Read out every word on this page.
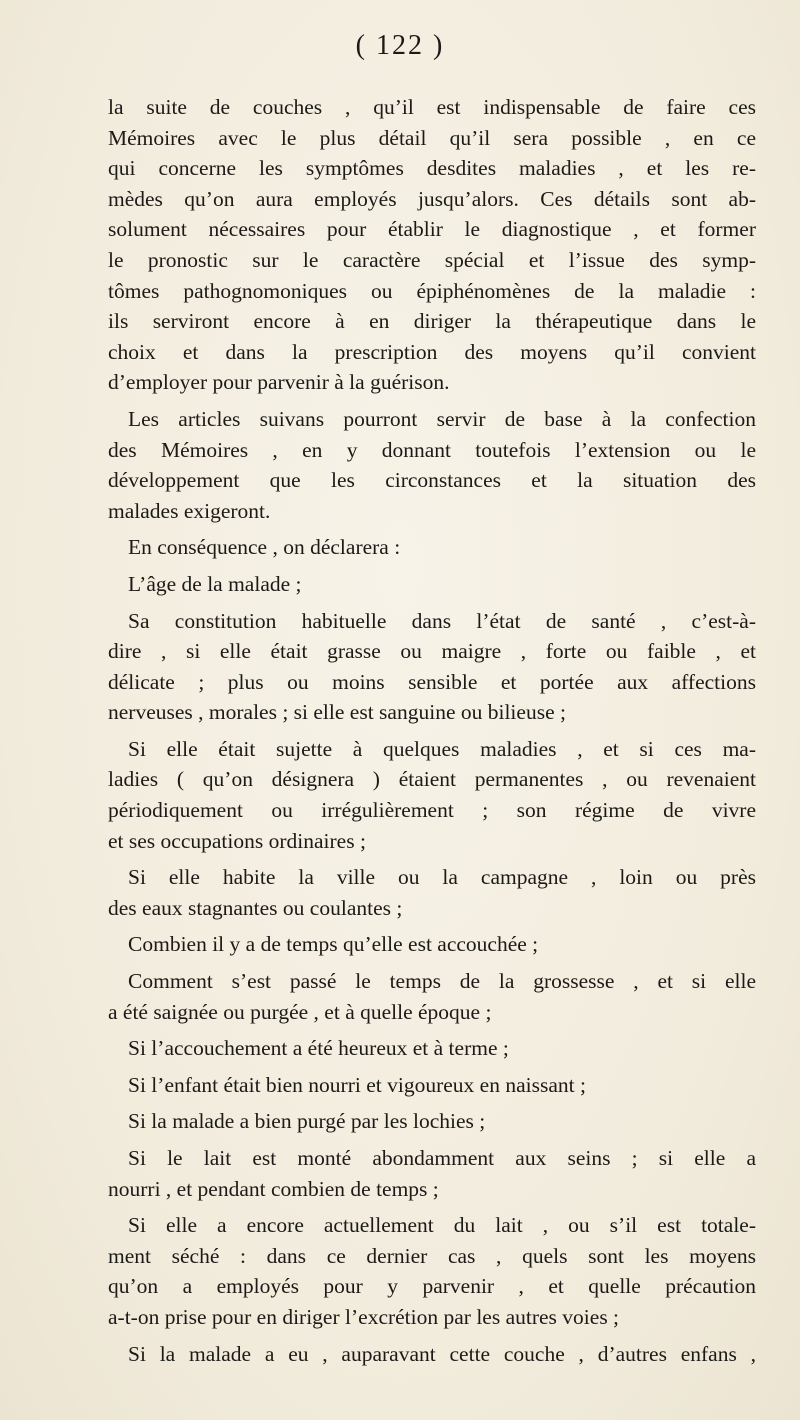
( 122 )
la suite de couches , qu’il est indispensable de faire ces
Mémoires avec le plus détail qu’il sera possible , en ce
qui concerne les symptômes desdites maladies , et les re-
mèdes qu’on aura employés jusqu’alors. Ces détails sont ab-
solument nécessaires pour établir le diagnostique , et former
le pronostic sur le caractère spécial et l’issue des symp-
tômes pathognomoniques ou épiphénomènes de la maladie :
ils serviront encore à en diriger la thérapeutique dans le
choix et dans la prescription des moyens qu’il convient
d’employer pour parvenir à la guérison.
Les articles suivans pourront servir de base à la confection
des Mémoires , en y donnant toutefois l’extension ou le
développement que les circonstances et la situation des
malades exigeront.
En conséquence , on déclarera :
L’âge de la malade ;
Sa constitution habituelle dans l’état de santé , c’est-à-
dire , si elle était grasse ou maigre , forte ou faible , et
délicate ; plus ou moins sensible et portée aux affections
nerveuses , morales ; si elle est sanguine ou bilieuse ;
Si elle était sujette à quelques maladies , et si ces ma-
ladies ( qu’on désignera ) étaient permanentes , ou revenaient
périodiquement ou irrégulièrement ; son régime de vivre
et ses occupations ordinaires ;
Si elle habite la ville ou la campagne , loin ou près
des eaux stagnantes ou coulantes ;
Combien il y a de temps qu’elle est accouchée ;
Comment s’est passé le temps de la grossesse , et si elle
a été saignée ou purgée , et à quelle époque ;
Si l’accouchement a été heureux et à terme ;
Si l’enfant était bien nourri et vigoureux en naissant ;
Si la malade a bien purgé par les lochies ;
Si le lait est monté abondamment aux seins ; si elle a
nourri , et pendant combien de temps ;
Si elle a encore actuellement du lait , ou s’il est totale-
ment séché : dans ce dernier cas , quels sont les moyens
qu’on a employés pour y parvenir , et quelle précaution
a-t-on prise pour en diriger l’excrétion par les autres voies ;
Si la malade a eu , auparavant cette couche , d’autres enfans ,
